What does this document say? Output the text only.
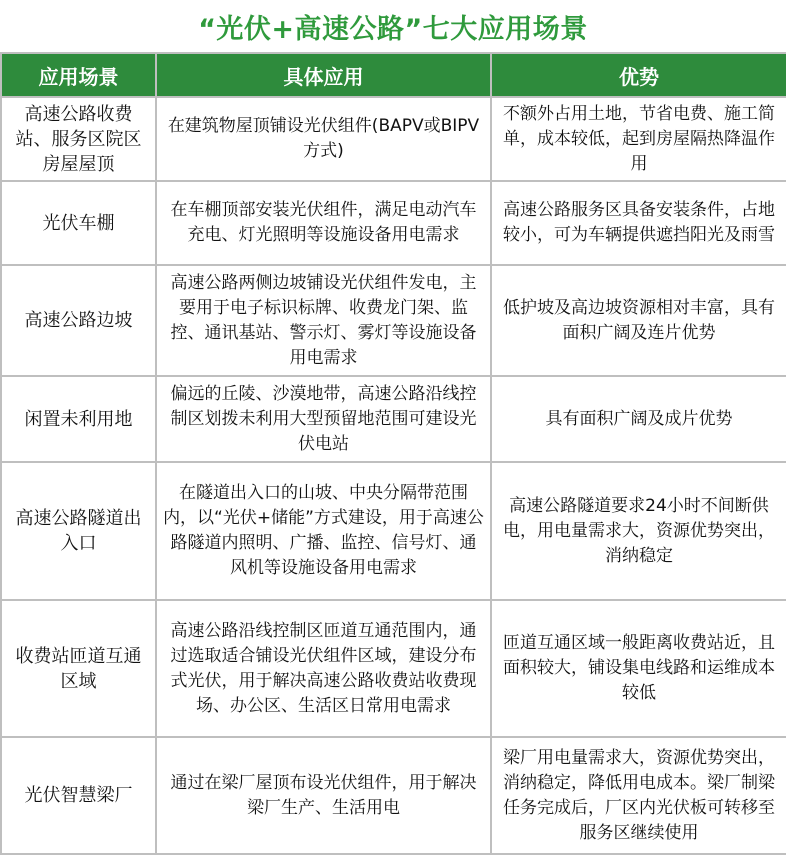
“光伏+高速公路”七大应用场景
应用场景	具体应用	优势
高速公路收费站、服务区院区房屋屋顶	在建筑物屋顶铺设光伏组件(BAPV或BIPV方式)	不额外占用土地，节省电费、施工简单，成本较低，起到房屋隔热降温作用
光伏车棚	在车棚顶部安装光伏组件，满足电动汽车充电、灯光照明等设施设备用电需求	高速公路服务区具备安装条件，占地较小，可为车辆提供遮挡阳光及雨雪
高速公路边坡	高速公路两侧边坡铺设光伏组件发电，主要用于电子标识标牌、收费龙门架、监控、通讯基站、警示灯、雾灯等设施设备用电需求	低护坡及高边坡资源相对丰富，具有面积广阔及连片优势
闲置未利用地	偏远的丘陵、沙漠地带，高速公路沿线控制区划拨未利用大型预留地范围可建设光伏电站	具有面积广阔及成片优势
高速公路隧道出入口	在隧道出入口的山坡、中央分隔带范围内，以“光伏+储能”方式建设，用于高速公路隧道内照明、广播、监控、信号灯、通风机等设施设备用电需求	高速公路隧道要求24小时不间断供电，用电量需求大，资源优势突出，消纳稳定
收费站匝道互通区域	高速公路沿线控制区匝道互通范围内，通过选取适合铺设光伏组件区域，建设分布式光伏，用于解决高速公路收费站收费现场、办公区、生活区日常用电需求	匝道互通区域一般距离收费站近，且面积较大，铺设集电线路和运维成本较低
光伏智慧梁厂	通过在梁厂屋顶布设光伏组件，用于解决梁厂生产、生活用电	梁厂用电量需求大，资源优势突出，消纳稳定，降低用电成本。梁厂制梁任务完成后，厂区内光伏板可转移至服务区继续使用
